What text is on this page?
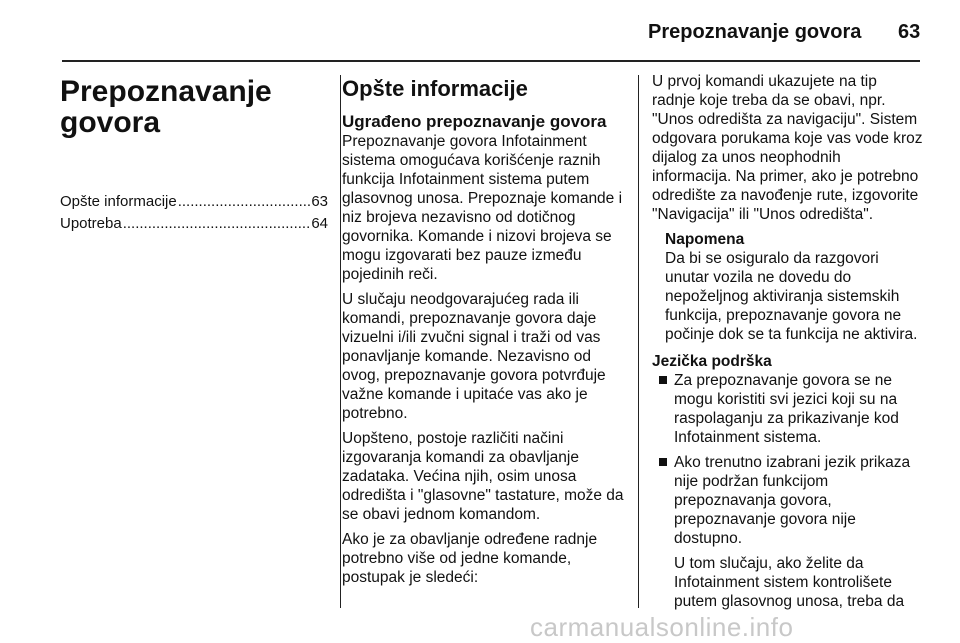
Prepoznavanje govora 63
Prepoznavanje
govora
Opšte informacije .....	63
Upotreba .....	64
Opšte informacije
Ugrađeno prepoznavanje govora

Prepoznavanje govora Infotainment sistema omogućava korišćenje raznih funkcija Infotainment sistema putem glasovnog unosa. Prepoznaje komande i niz brojeva nezavisno od dotičnog govornika. Komande i nizovi brojeva se mogu izgovarati bez pauze između pojedinih reči.

U slučaju neodgovarajućeg rada ili komandi, prepoznavanje govora daje vizuelni i/ili zvučni signal i traži od vas ponavljanje komande. Nezavisno od ovog, prepoznavanje govora potvrđuje važne komande i upitaće vas ako je potrebno.

Uopšteno, postoje različiti načini izgovaranja komandi za obavljanje zadataka. Većina njih, osim unosa odredišta i "glasovne" tastature, može da se obavi jednom komandom.

Ako je za obavljanje određene radnje potrebno više od jedne komande, postupak je sledeći:

U prvoj komandi ukazujete na tip radnje koje treba da se obavi, npr. "Unos odredišta za navigaciju". Sistem odgovara porukama koje vas vode kroz dijalog za unos neophodnih informacija. Na primer, ako je potrebno odredište za navođenje rute, izgovorite "Navigacija" ili "Unos odredišta".

Napomena
Da bi se osiguralo da razgovori unutar vozila ne dovedu do nepoželjnog aktiviranja sistemskih funkcija, prepoznavanje govora ne počinje dok se ta funkcija ne aktivira.
Jezička podrška
Za prepoznavanje govora se ne mogu koristiti svi jezici koji su na raspolaganju za prikazivanje kod Infotainment sistema.
Ako trenutno izabrani jezik prikaza nije podržan funkcijom prepoznavanja govora, prepoznavanje govora nije dostupno.

U tom slučaju, ako želite da Infotainment sistem kontrolišete putem glasovnog unosa, treba da

carmanualsonline.info
